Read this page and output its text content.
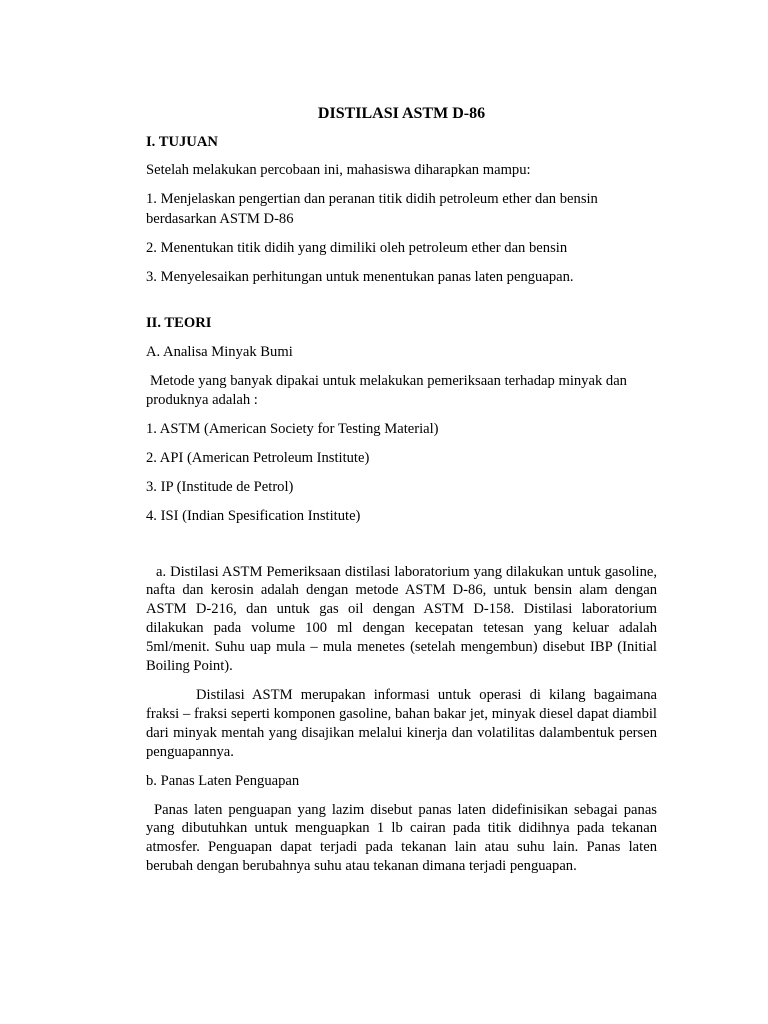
DISTILASI ASTM D-86
I. TUJUAN

Setelah melakukan percobaan ini, mahasiswa diharapkan mampu:

1. Menjelaskan pengertian dan peranan titik didih petroleum ether dan bensin berdasarkan ASTM D-86

2. Menentukan titik didih yang dimiliki oleh petroleum ether dan bensin

3. Menyelesaikan perhitungan untuk menentukan panas laten penguapan.

II. TEORI

A. Analisa Minyak Bumi

Metode yang banyak dipakai untuk melakukan pemeriksaan terhadap minyak dan produknya adalah :

1. ASTM (American Society for Testing Material)

2. API (American Petroleum Institute)

3. IP (Institude de Petrol)

4. ISI (Indian Spesification Institute)

a. Distilasi ASTM Pemeriksaan distilasi laboratorium yang dilakukan untuk gasoline, nafta dan kerosin adalah dengan metode ASTM D-86, untuk bensin alam dengan ASTM D-216, dan untuk gas oil dengan ASTM D-158. Distilasi laboratorium dilakukan pada volume 100 ml dengan kecepatan tetesan yang keluar adalah 5ml/menit. Suhu uap mula – mula menetes (setelah mengembun) disebut IBP (Initial Boiling Point).

Distilasi ASTM merupakan informasi untuk operasi di kilang bagaimana fraksi – fraksi seperti komponen gasoline, bahan bakar jet, minyak diesel dapat diambil dari minyak mentah yang disajikan melalui kinerja dan volatilitas dalambentuk persen penguapannya.

b. Panas Laten Penguapan

Panas laten penguapan yang lazim disebut panas laten didefinisikan sebagai panas yang dibutuhkan untuk menguapkan 1 lb cairan pada titik didihnya pada tekanan atmosfer. Penguapan dapat terjadi pada tekanan lain atau suhu lain. Panas laten berubah dengan berubahnya suhu atau tekanan dimana terjadi penguapan.
